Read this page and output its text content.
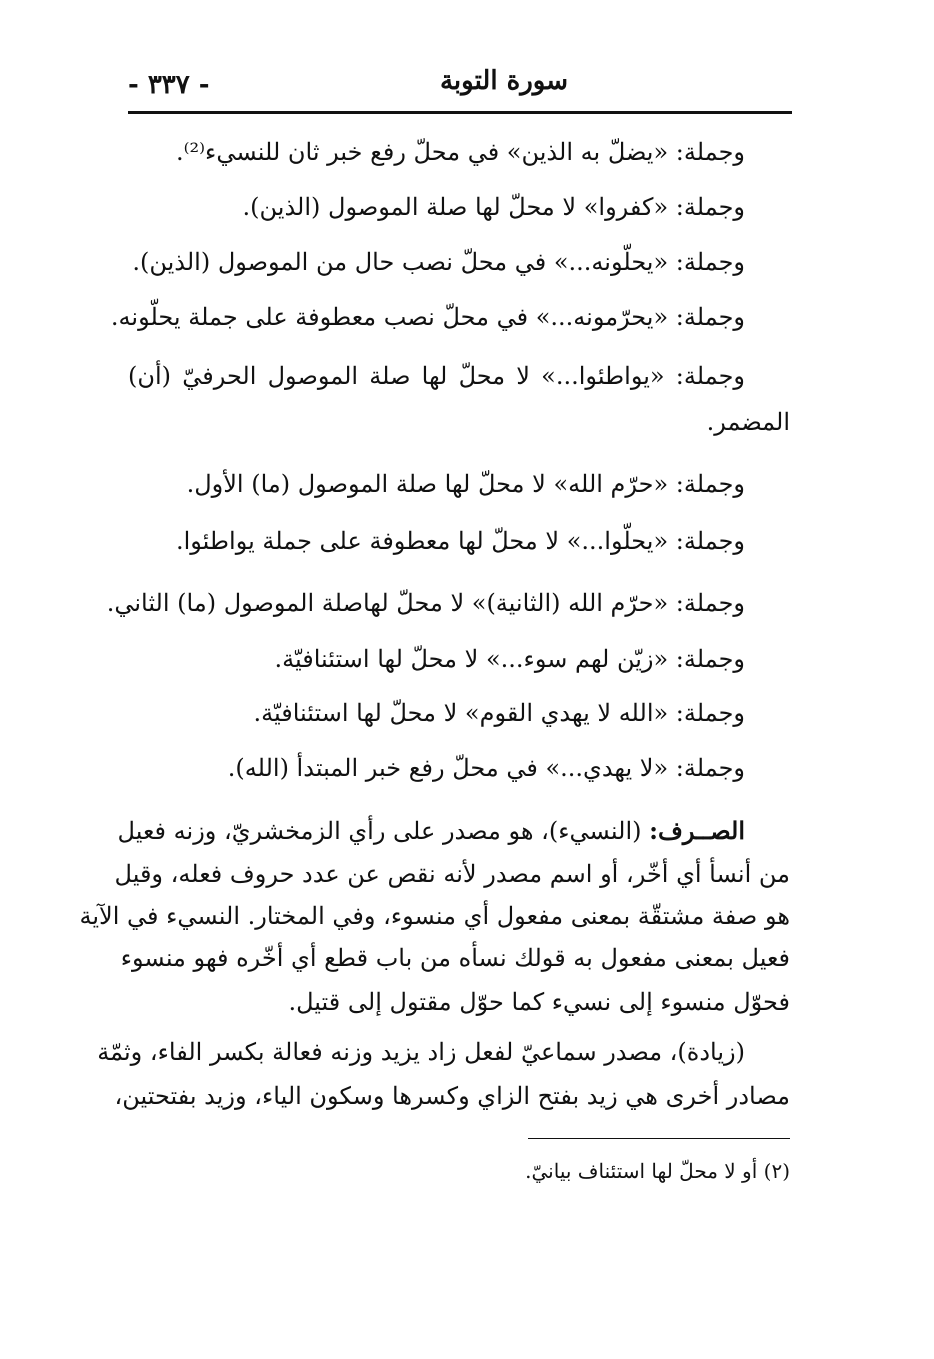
- ٣٣٧ -	سورة التوبة
وجملة: «يضلّ به الذين» في محلّ رفع خبر ثان للنسيء⁽²⁾.
وجملة: «كفروا» لا محلّ لها صلة الموصول (الذين).
وجملة: «يحلّونه...» في محلّ نصب حال من الموصول (الذين).
وجملة: «يحرّمونه...» في محلّ نصب معطوفة على جملة يحلّونه.
وجملة: «يواطئوا...» لا محلّ لها صلة الموصول الحرفيّ (أن)
المضمر.
وجملة: «حرّم الله» لا محلّ لها صلة الموصول (ما) الأول.
وجملة: «يحلّوا...» لا محلّ لها معطوفة على جملة يواطئوا.
وجملة: «حرّم الله (الثانية)» لا محلّ لهاصلة الموصول (ما) الثاني.
وجملة: «زيّن لهم سوء...» لا محلّ لها استئنافيّة.
وجملة: «الله لا يهدي القوم» لا محلّ لها استئنافيّة.
وجملة: «لا يهدي...» في محلّ رفع خبر المبتدأ (الله).
الصــرف: (النسيء)، هو مصدر على رأي الزمخشريّ، وزنه فعيل
من أنسأ أي أخّر، أو اسم مصدر لأنه نقص عن عدد حروف فعله، وقيل
هو صفة مشتقّة بمعنى مفعول أي منسوء، وفي المختار. النسيء في الآية
فعيل بمعنى مفعول به قولك نسأه من باب قطع أي أخّره فهو منسوء
فحوّل منسوء إلى نسيء كما حوّل مقتول إلى قتيل.
(زيادة)، مصدر سماعيّ لفعل زاد يزيد وزنه فعالة بكسر الفاء، وثمّة
مصادر أخرى هي زيد بفتح الزاي وكسرها وسكون الياء، وزيد بفتحتين،
(٢) أو لا محلّ لها استئناف بيانيّ.
